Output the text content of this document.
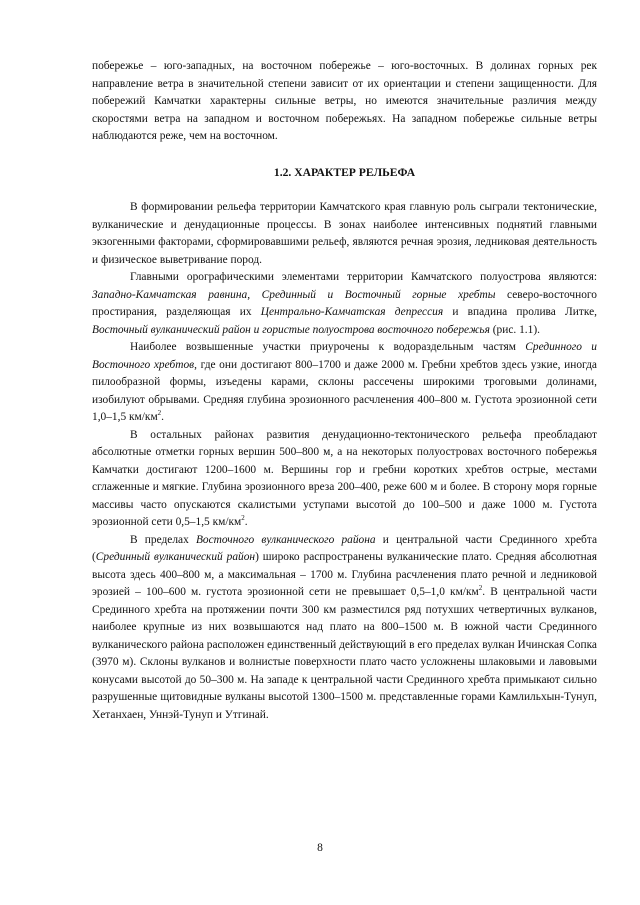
побережье – юго-западных, на восточном побережье – юго-восточных. В долинах горных рек направление ветра в значительной степени зависит от их ориентации и степени защищенности. Для побережий Камчатки характерны сильные ветры, но имеются значительные различия между скоростями ветра на западном и восточном побережьях. На западном побережье сильные ветры наблюдаются реже, чем на восточном.

1.2. ХАРАКТЕР РЕЛЬЕФА

В формировании рельефа территории Камчатского края главную роль сыграли тектонические, вулканические и денудационные процессы. В зонах наиболее интенсивных поднятий главными экзогенными факторами, сформировавшими рельеф, являются речная эрозия, ледниковая деятельность и физическое выветривание пород.

Главными орографическими элементами территории Камчатского полуострова являются: Западно-Камчатская равнина, Срединный и Восточный горные хребты северо-восточного простирания, разделяющая их Центрально-Камчатская депрессия и впадина пролива Литке, Восточный вулканический район и гористые полуострова восточного побережья (рис. 1.1).

Наиболее возвышенные участки приурочены к водораздельным частям Срединного и Восточного хребтов, где они достигают 800–1700 и даже 2000 м. Гребни хребтов здесь узкие, иногда пилообразной формы, изъедены карами, склоны рассечены широкими троговыми долинами, изобилуют обрывами. Средняя глубина эрозионного расчленения 400–800 м. Густота эрозионной сети 1,0–1,5 $км/км^2$.

В остальных районах развития денудационно-тектонического рельефа преобладают абсолютные отметки горных вершин 500–800 м, а на некоторых полуостровах восточного побережья Камчатки достигают 1200–1600 м. Вершины гор и гребни коротких хребтов острые, местами сглаженные и мягкие. Глубина эрозионного вреза 200–400, реже 600 м и более. В сторону моря горные массивы часто опускаются скалистыми уступами высотой до 100–500 и даже 1000 м. Густота эрозионной сети 0,5–1,5 $км/км^2$.

В пределах Восточного вулканического района и центральной части Срединного хребта (Срединный вулканический район) широко распространены вулканические плато. Средняя абсолютная высота здесь 400–800 м, а максимальная – 1700 м. Глубина расчленения плато речной и ледниковой эрозией – 100–600 м. густота эрозионной сети не превышает 0,5–1,0 $км/км^2$. В центральной части Срединного хребта на протяжении почти 300 км разместился ряд потухших четвертичных вулканов, наиболее крупные из них возвышаются над плато на 800–1500 м. В южной части Срединного вулканического района расположен единственный действующий в его пределах вулкан Ичинская Сопка (3970 м). Склоны вулканов и волнистые поверхности плато часто усложнены шлаковыми и лавовыми конусами высотой до 50–300 м. На западе к центральной части Срединного хребта примыкают сильно разрушенные щитовидные вулканы высотой 1300–1500 м. представленные горами Камлильхын-Тунуп, Хетанхаен, Уннэй-Тунуп и Утгинай.

8
